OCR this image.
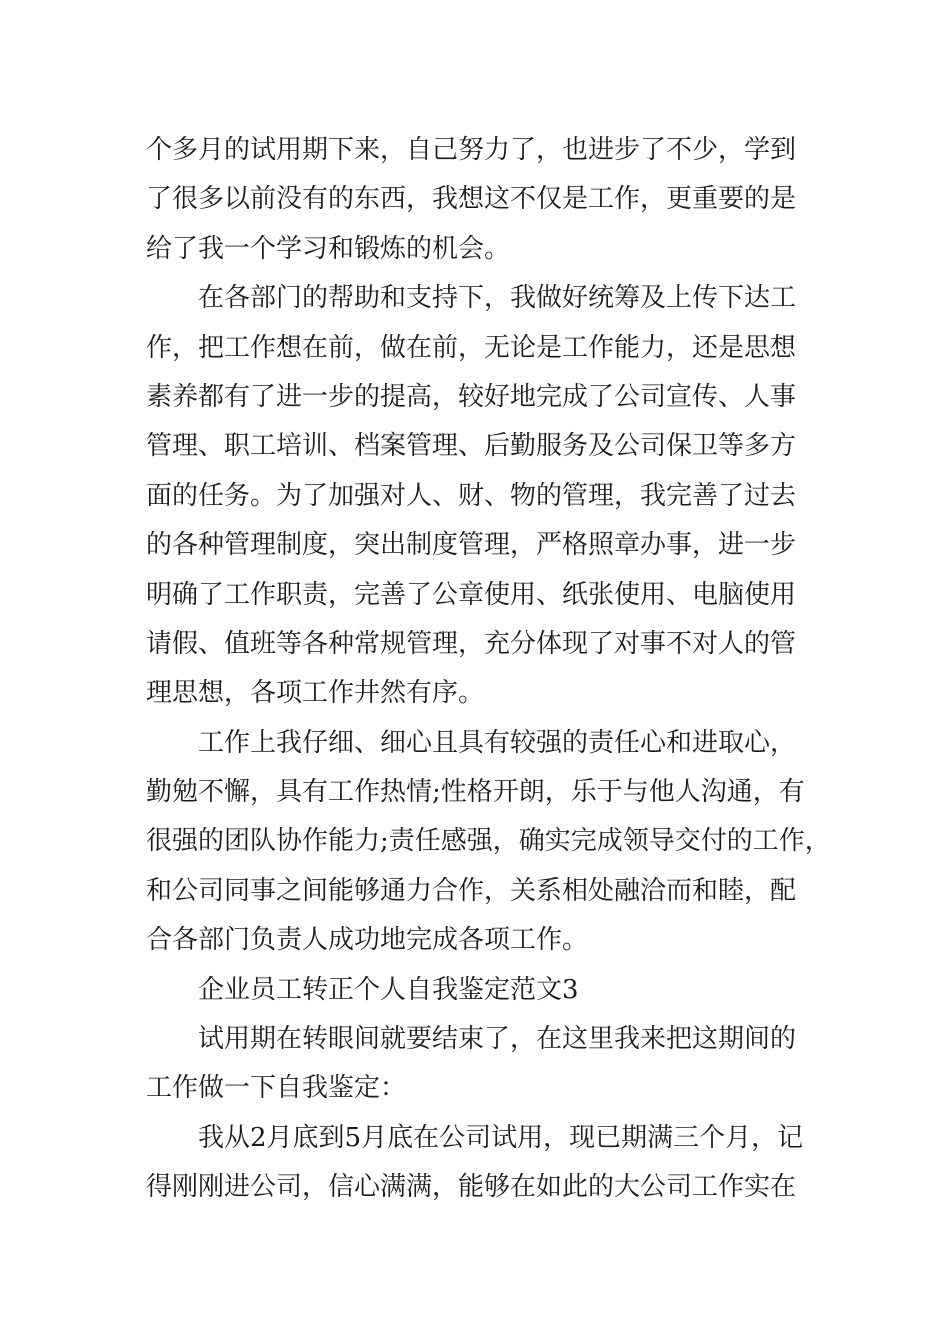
个多月的试用期下来，自己努力了，也进步了不少，学到
了很多以前没有的东西，我想这不仅是工作，更重要的是
给了我一个学习和锻炼的机会。
在各部门的帮助和支持下，我做好统筹及上传下达工
作，把工作想在前，做在前，无论是工作能力，还是思想
素养都有了进一步的提高，较好地完成了公司宣传、人事
管理、职工培训、档案管理、后勤服务及公司保卫等多方
面的任务。为了加强对人、财、物的管理，我完善了过去
的各种管理制度，突出制度管理，严格照章办事，进一步
明确了工作职责，完善了公章使用、纸张使用、电脑使用
请假、值班等各种常规管理，充分体现了对事不对人的管
理思想，各项工作井然有序。
工作上我仔细、细心且具有较强的责任心和进取心，
勤勉不懈，具有工作热情;性格开朗，乐于与他人沟通，有
很强的团队协作能力;责任感强，确实完成领导交付的工作，
和公司同事之间能够通力合作，关系相处融洽而和睦，配
合各部门负责人成功地完成各项工作。
企业员工转正个人自我鉴定范文3
试用期在转眼间就要结束了，在这里我来把这期间的
工作做一下自我鉴定：
我从2月底到5月底在公司试用，现已期满三个月，记
得刚刚进公司，信心满满，能够在如此的大公司工作实在
